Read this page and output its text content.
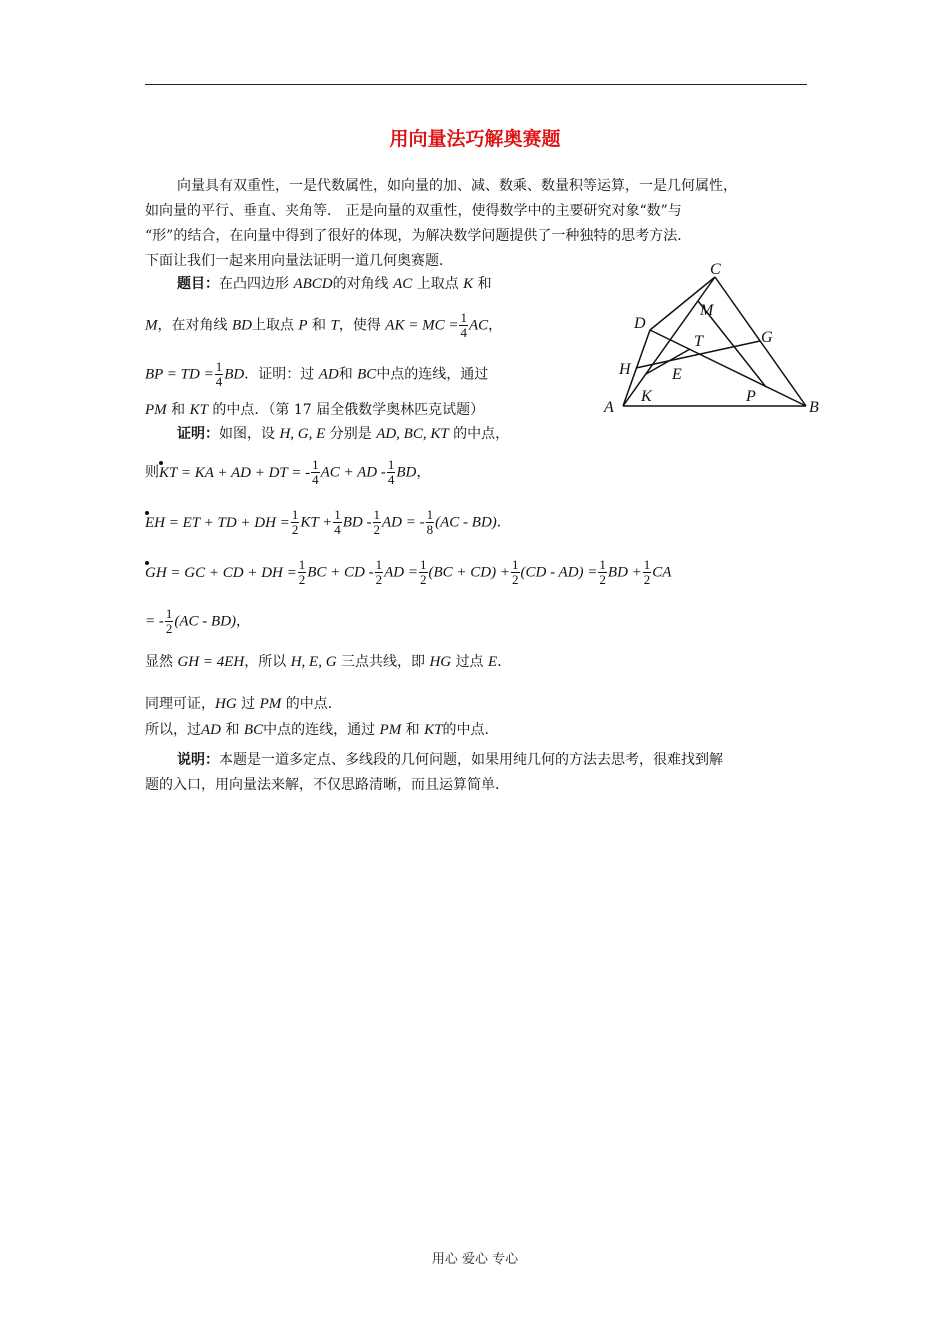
用向量法巧解奥赛题
向量具有双重性，一是代数属性，如向量的加、减、数乘、数量积等运算，一是几何属性，
如向量的平行、垂直、夹角等． 正是向量的双重性，使得数学中的主要研究对象“数”与
“形”的结合，在向量中得到了很好的体现，为解决数学问题提供了一种独特的思考方法．
下面让我们一起来用向量法证明一道几何奥赛题．
题目：在凸四边形 ABCD的对角线 AC 上取点 K 和
M，在对角线 BD上取点 P 和 T，使得 AK = MC = $\frac{1}{4}$ AC，
BP = TD = $\frac{1}{4}$ BD．证明：过 AD和 BC中点的连线，通过
PM 和 KT 的中点．（第 17 届全俄数学奥林匹克试题）
C
D
M
G
T
H	E
K	P
A	B
证明：如图，设 H, G, E 分别是 AD, BC, KT 的中点，
则KT = KA + AD + DT = - $\frac{1}{4}$ AC + AD - $\frac{1}{4}$ BD，
EH = ET + TD + DH = $\frac{1}{2}$ KT + $\frac{1}{4}$ BD - $\frac{1}{2}$ AD = - $\frac{1}{8} (AC - BD)$．
GH = GC + CD + DH = $\frac{1}{2}$ BC + CD - $\frac{1}{2}$ AD = $\frac{1}{2} (BC + CD) + \frac{1}{2} (CD - AD) = \frac{1}{2}$ BD + $\frac{1}{2}$ CA
= - $\frac{1}{2} (AC - BD)$，
显然 GH = 4EH，所以 H, E, G 三点共线，即 HG 过点 E．
同理可证，HG 过 PM 的中点．
所以，过AD 和 BC中点的连线，通过 PM 和 KT的中点．
说明：本题是一道多定点、多线段的几何问题，如果用纯几何的方法去思考，很难找到解
题的入口，用向量法来解，不仅思路清晰，而且运算简单．
用心 爱心 专心
